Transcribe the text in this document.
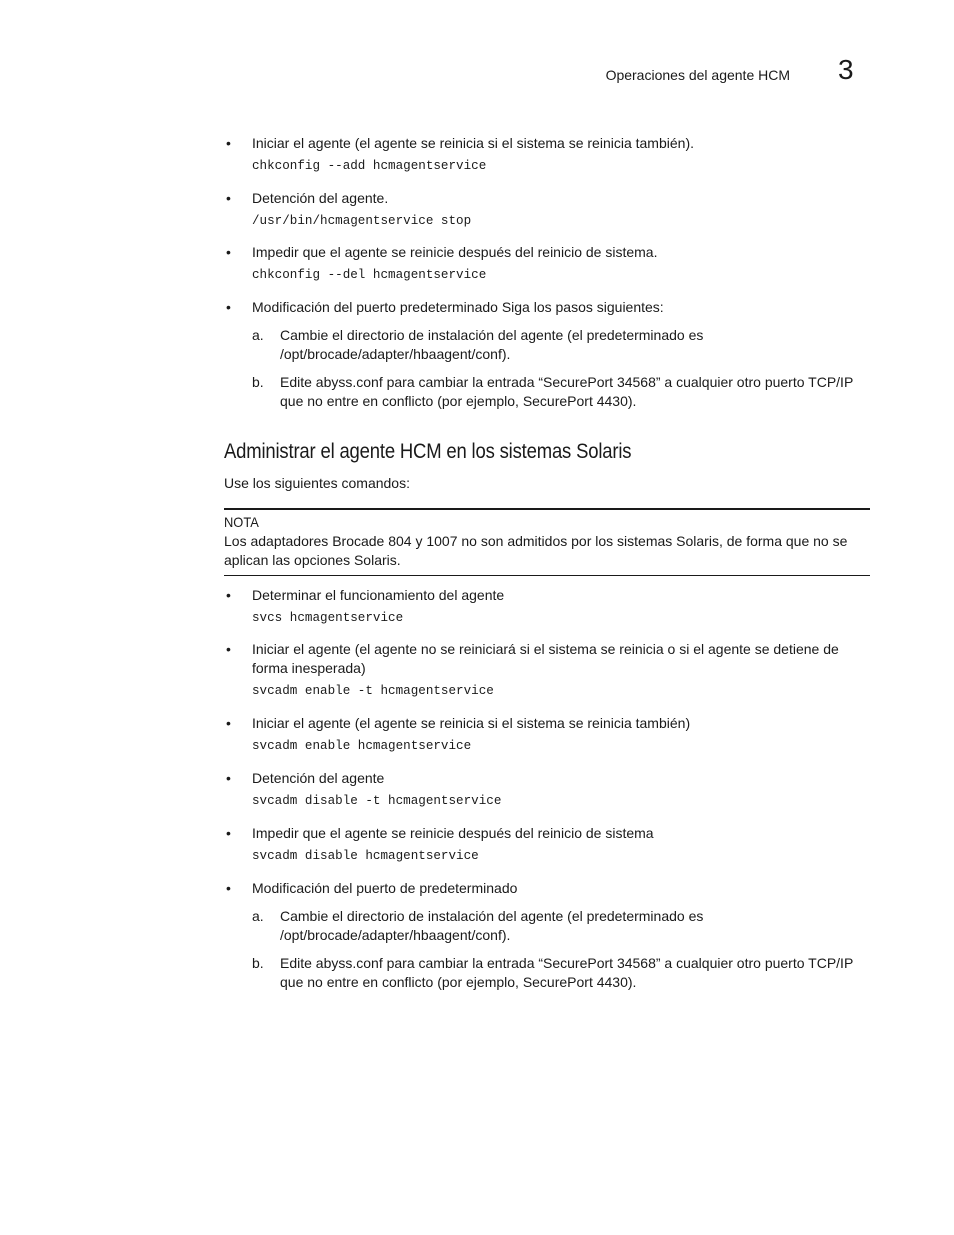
Operaciones del agente HCM 3
• Iniciar el agente (el agente se reinicia si el sistema se reinicia también).
chkconfig --add hcmagentservice
• Detención del agente.
/usr/bin/hcmagentservice stop
• Impedir que el agente se reinicie después del reinicio de sistema.
chkconfig --del hcmagentservice
• Modificación del puerto predeterminado Siga los pasos siguientes:
a. Cambie el directorio de instalación del agente (el predeterminado es /opt/brocade/adapter/hbaagent/conf).
b. Edite abyss.conf para cambiar la entrada “SecurePort 34568” a cualquier otro puerto TCP/IP que no entre en conflicto (por ejemplo, SecurePort 4430).
Administrar el agente HCM en los sistemas Solaris
Use los siguientes comandos:
NOTA
Los adaptadores Brocade 804 y 1007 no son admitidos por los sistemas Solaris, de forma que no se aplican las opciones Solaris.
• Determinar el funcionamiento del agente
svcs hcmagentservice
• Iniciar el agente (el agente no se reiniciará si el sistema se reinicia o si el agente se detiene de forma inesperada)
svcadm enable -t hcmagentservice
• Iniciar el agente (el agente se reinicia si el sistema se reinicia también)
svcadm enable hcmagentservice
• Detención del agente
svcadm disable -t hcmagentservice
• Impedir que el agente se reinicie después del reinicio de sistema
svcadm disable hcmagentservice
• Modificación del puerto de predeterminado
a. Cambie el directorio de instalación del agente (el predeterminado es /opt/brocade/adapter/hbaagent/conf).
b. Edite abyss.conf para cambiar la entrada “SecurePort 34568” a cualquier otro puerto TCP/IP que no entre en conflicto (por ejemplo, SecurePort 4430).
